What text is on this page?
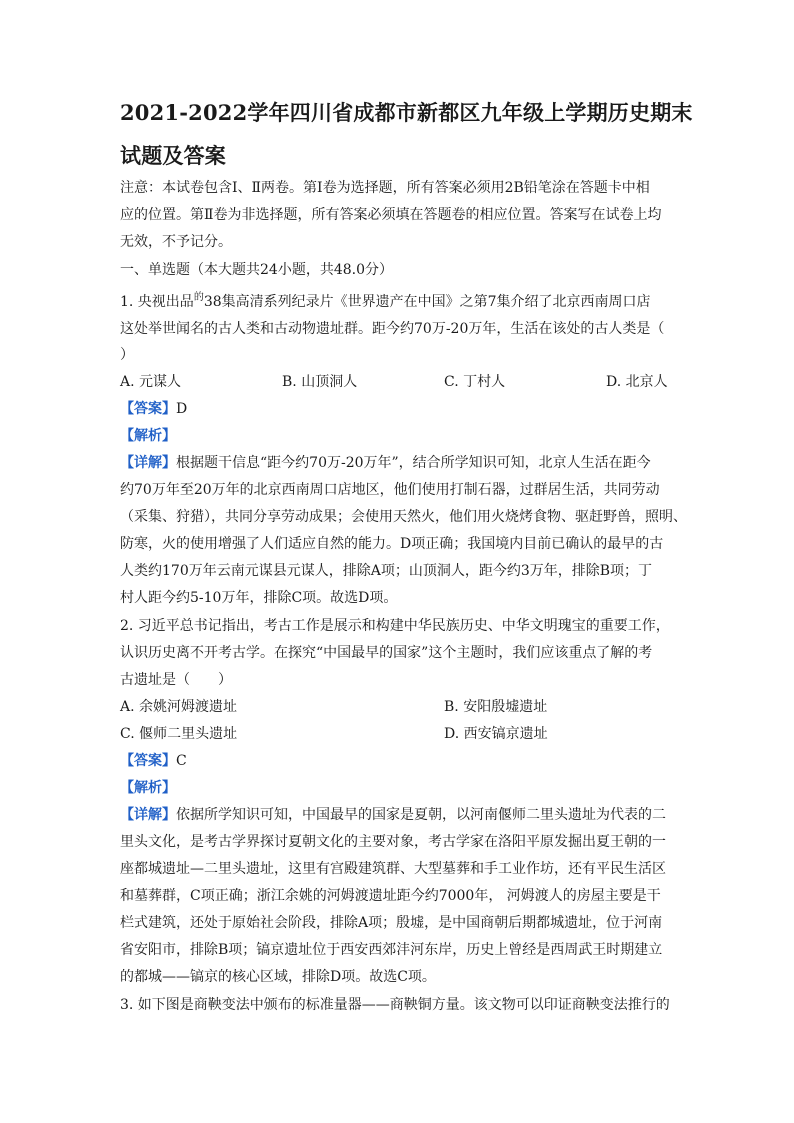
2021-2022学年四川省成都市新都区九年级上学期历史期末
试题及答案
注意：本试卷包含Ⅰ、Ⅱ两卷。第Ⅰ卷为选择题，所有答案必须用2B铅笔涂在答题卡中相
应的位置。第Ⅱ卷为非选择题，所有答案必须填在答题卷的相应位置。答案写在试卷上均
无效，不予记分。
一、单选题（本大题共24小题，共48.0分）
1. 央视出品$^的$38集高清系列纪录片《世界遗产在中国》之第7集介绍了北京西南周口店
这处举世闻名的古人类和古动物遗址群。距今约70万-20万年，生活在该处的古人类是（
）
A. 元谋人	B. 山顶洞人	C. 丁村人	D. 北京人
【答案】D
【解析】
【详解】根据题干信息“距今约70万-20万年”，结合所学知识可知，北京人生活在距今
约70万年至20万年的北京西南周口店地区，他们使用打制石器，过群居生活，共同劳动
（采集、狩猎），共同分享劳动成果；会使用天然火，他们用火烧烤食物、驱赶野兽，照明、
防寒，火的使用增强了人们适应自然的能力。D项正确；我国境内目前已确认的最早的古
人类约170万年云南元谋县元谋人，排除A项；山顶洞人，距今约3万年，排除B项；丁
村人距今约5-10万年，排除C项。故选D项。
2. 习近平总书记指出，考古工作是展示和构建中华民族历史、中华文明瑰宝的重要工作，
认识历史离不开考古学。在探究“中国最早的国家”这个主题时，我们应该重点了解的考
古遗址是（　　）
A. 余姚河姆渡遗址	B. 安阳殷墟遗址
C. 偃师二里头遗址	D. 西安镐京遗址
【答案】C
【解析】
【详解】依据所学知识可知，中国最早的国家是夏朝，以河南偃师二里头遗址为代表的二
里头文化，是考古学界探讨夏朝文化的主要对象，考古学家在洛阳平原发掘出夏王朝的一
座都城遗址—二里头遗址，这里有宫殿建筑群、大型墓葬和手工业作坊，还有平民生活区
和墓葬群，C项正确；浙江余姚的河姆渡遗址距今约7000年， 河姆渡人的房屋主要是干
栏式建筑，还处于原始社会阶段，排除A项；殷墟，是中国商朝后期都城遗址，位于河南
省安阳市，排除B项；镐京遗址位于西安西郊沣河东岸，历史上曾经是西周武王时期建立
的都城——镐京的核心区域，排除D项。故选C项。
3. 如下图是商鞅变法中颁布的标准量器——商鞅铜方量。该文物可以印证商鞅变法推行的
